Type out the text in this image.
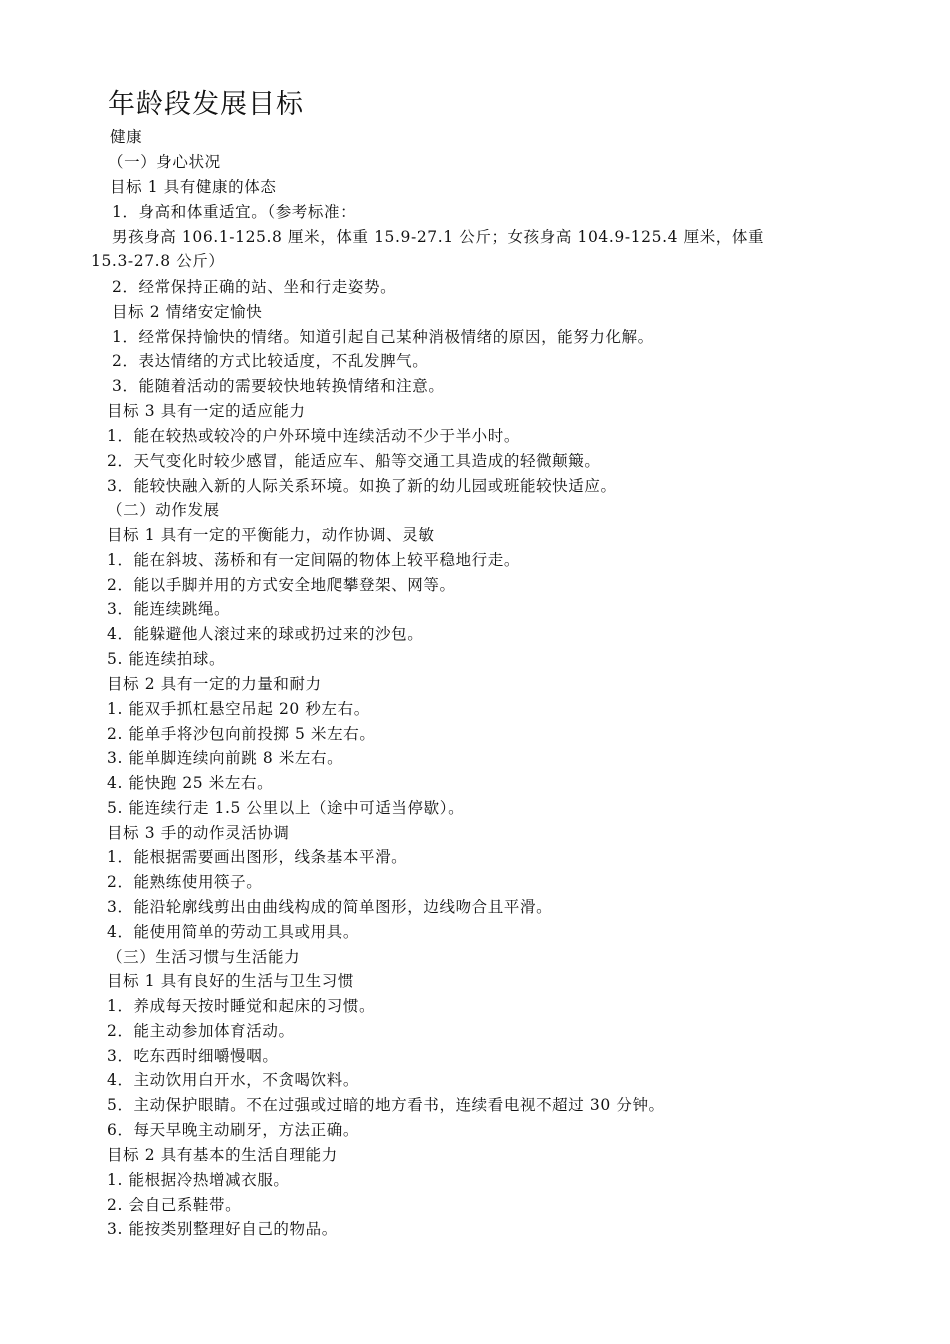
年龄段发展目标
健康
（一）身心状况
目标 1 具有健康的体态
1．身高和体重适宜。（参考标准：
男孩身高 106.1-125.8 厘米，体重 15.9-27.1 公斤；女孩身高 104.9-125.4 厘米，体重
15.3-27.8 公斤）
2．经常保持正确的站、坐和行走姿势。
目标 2 情绪安定愉快
1．经常保持愉快的情绪。知道引起自己某种消极情绪的原因，能努力化解。
2．表达情绪的方式比较适度，不乱发脾气。
3．能随着活动的需要较快地转换情绪和注意。
目标 3 具有一定的适应能力
1．能在较热或较冷的户外环境中连续活动不少于半小时。
2．天气变化时较少感冒，能适应车、船等交通工具造成的轻微颠簸。
3．能较快融入新的人际关系环境。如换了新的幼儿园或班能较快适应。
（二）动作发展
目标 1 具有一定的平衡能力，动作协调、灵敏
1．能在斜坡、荡桥和有一定间隔的物体上较平稳地行走。
2．能以手脚并用的方式安全地爬攀登架、网等。
3．能连续跳绳。
4．能躲避他人滚过来的球或扔过来的沙包。
5. 能连续拍球。
目标 2 具有一定的力量和耐力
1. 能双手抓杠悬空吊起 20 秒左右。
2. 能单手将沙包向前投掷 5 米左右。
3. 能单脚连续向前跳 8 米左右。
4. 能快跑 25 米左右。
5. 能连续行走 1.5 公里以上（途中可适当停歇）。
目标 3 手的动作灵活协调
1．能根据需要画出图形，线条基本平滑。
2．能熟练使用筷子。
3．能沿轮廓线剪出由曲线构成的简单图形，边线吻合且平滑。
4．能使用简单的劳动工具或用具。
（三）生活习惯与生活能力
目标 1 具有良好的生活与卫生习惯
1．养成每天按时睡觉和起床的习惯。
2．能主动参加体育活动。
3．吃东西时细嚼慢咽。
4．主动饮用白开水，不贪喝饮料。
5．主动保护眼睛。不在过强或过暗的地方看书，连续看电视不超过 30 分钟。
6．每天早晚主动刷牙，方法正确。
目标 2 具有基本的生活自理能力
1. 能根据冷热增减衣服。
2. 会自己系鞋带。
3. 能按类别整理好自己的物品。
